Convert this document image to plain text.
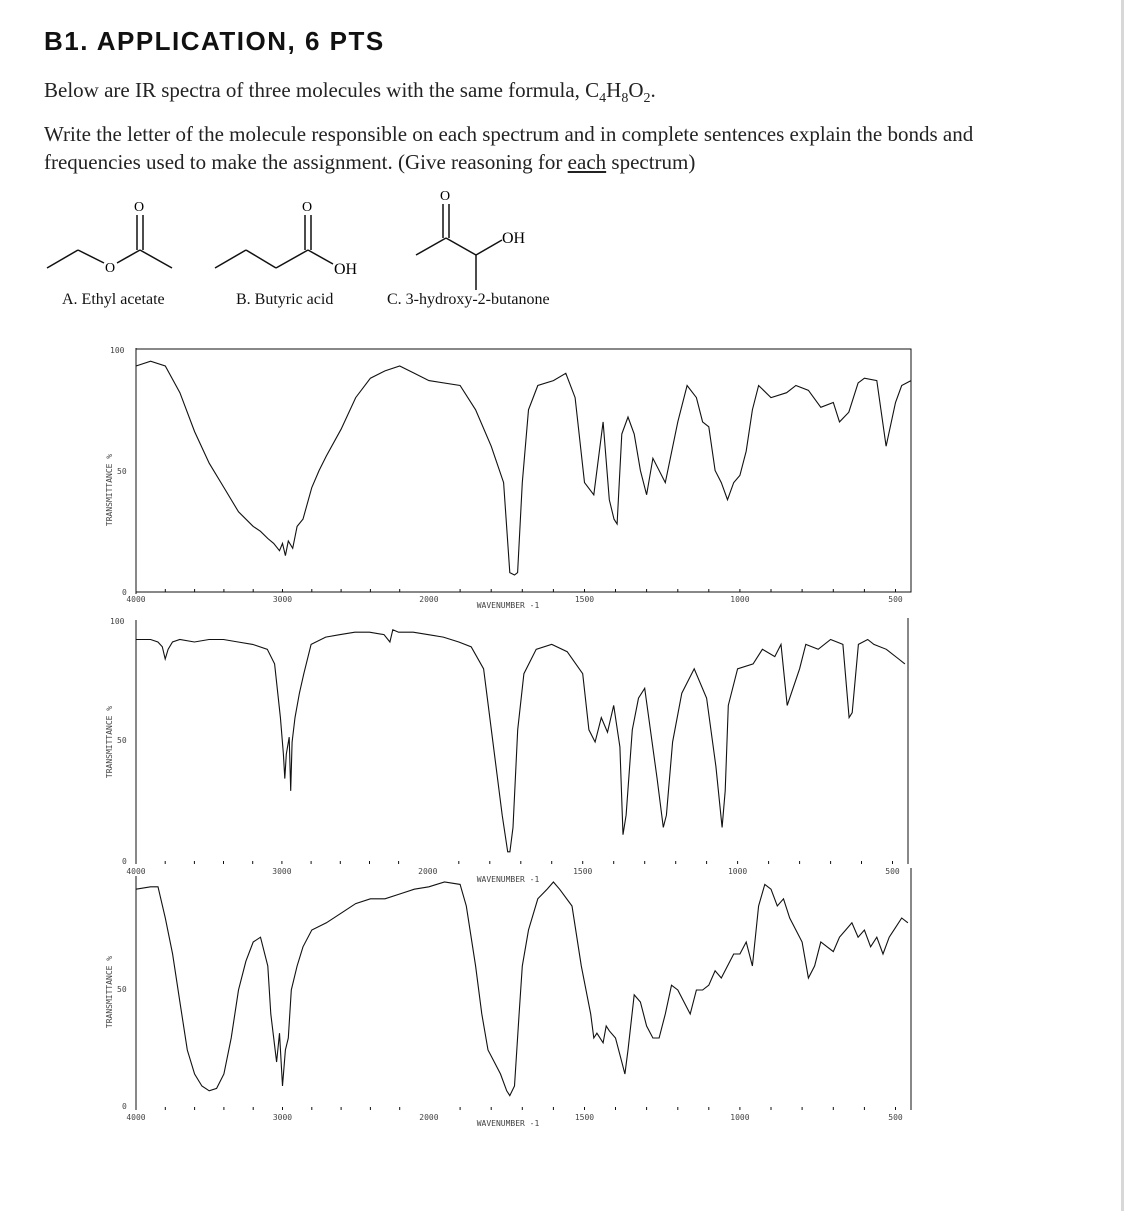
B1. APPLICATION, 6 PTS
Below are IR spectra of three molecules with the same formula, $C_4H_8O_2$.
Write the letter of the molecule responsible on each spectrum and in complete sentences explain the bonds and frequencies used to make the assignment. (Give reasoning for each spectrum)
O
O	O
OH
O
OH
A. Ethyl acetate	B. Butyric acid	C. 3-hydroxy-2-butanone
TRANSMITTANCE %
100
50
0
WAVENUMBER -1
4000	3000	2000	1500	1000	500
TRANSMITTANCE %
100
50
0
WAVENUMBER -1
4000	3000	2000	1500	1000	500
TRANSMITTANCE % 50
0
WAVENUMBER -1
4000	3000	2000	1500	1000	500
